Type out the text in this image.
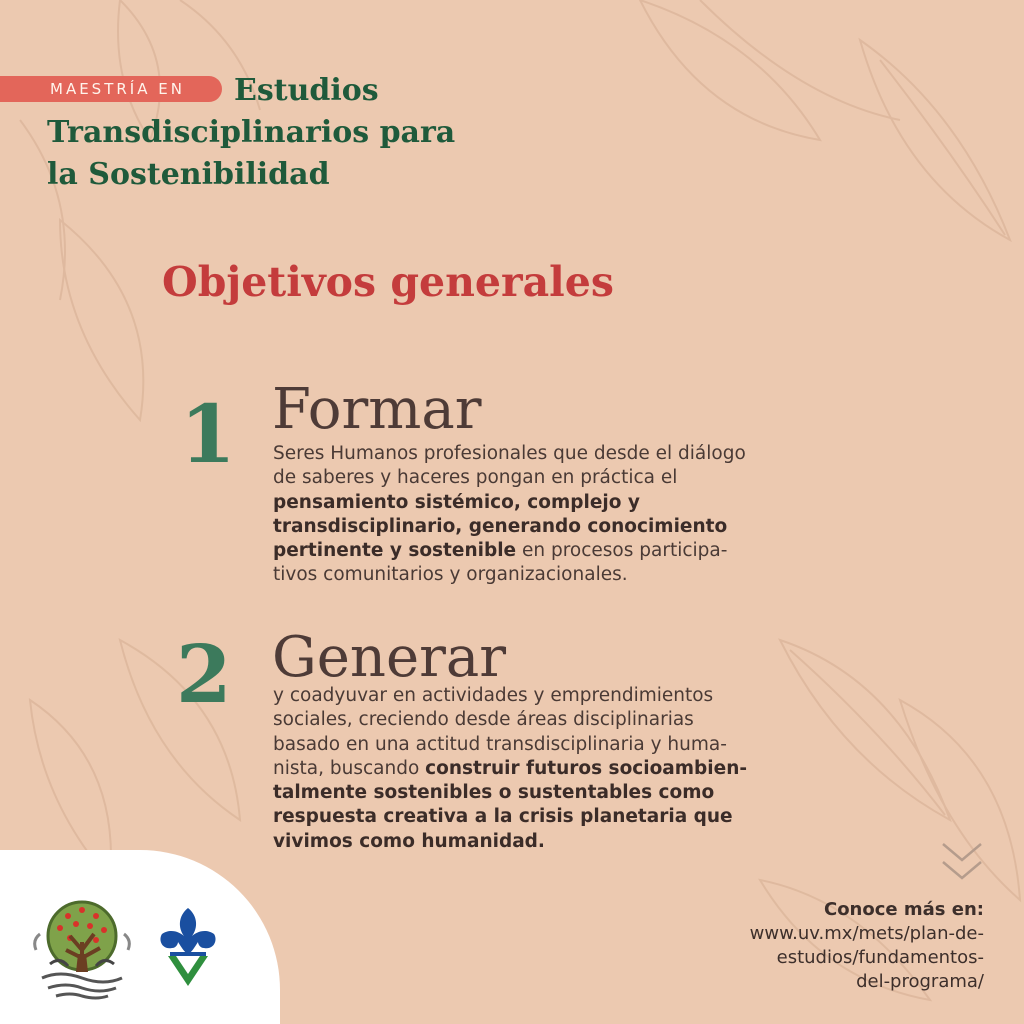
MAESTRÍA EN	Estudios Transdisciplinarios para la Sostenibilidad
Objetivos generales
1 Formar
Seres Humanos profesionales que desde el diálogo de saberes y haceres pongan en práctica el pensamiento sistémico, complejo y transdisciplinario, generando conocimiento pertinente y sostenible en procesos participa-tivos comunitarios y organizacionales.
2 Generar
y coadyuvar en actividades y emprendimientos sociales, creciendo desde áreas disciplinarias basado en una actitud transdisciplinaria y huma-nista, buscando construir futuros socioambien-talmente sostenibles o sustentables como respuesta creativa a la crisis planetaria que vivimos como humanidad.
Conoce más en:
www.uv.mx/mets/plan-de-
estudios/fundamentos-
del-programa/
